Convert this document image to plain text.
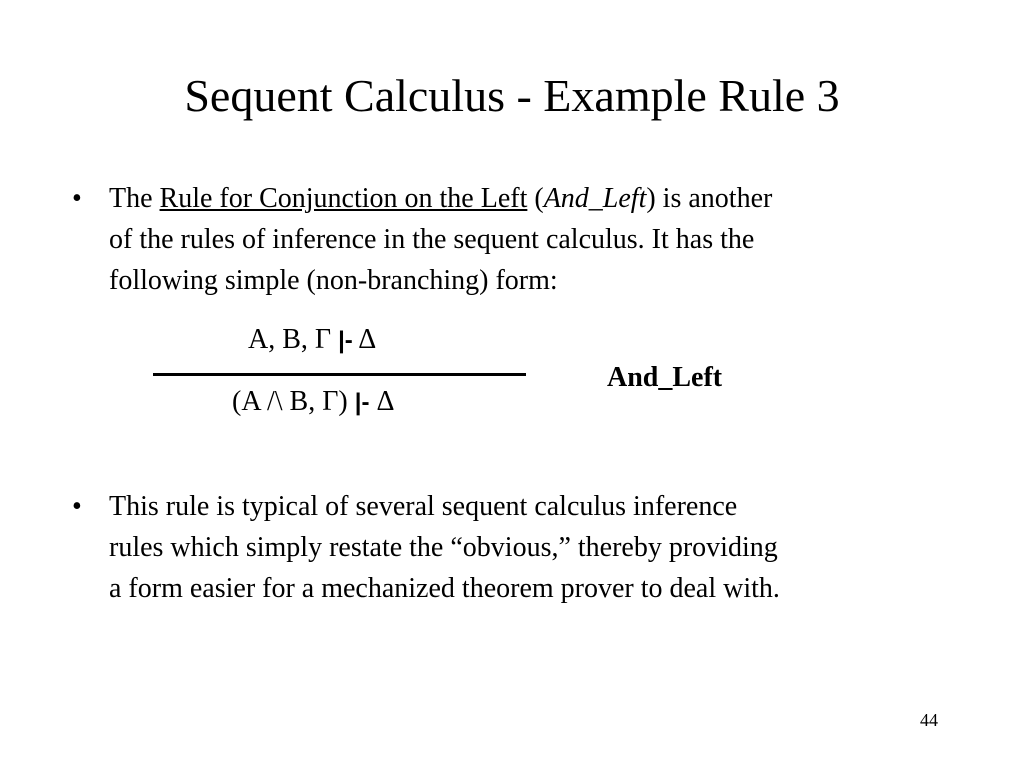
Sequent Calculus - Example Rule 3
• The Rule for Conjunction on the Left (And_Left) is another
of the rules of inference in the sequent calculus. It has the
following simple (non-branching) form:
A, B, Γ |- Δ
(A /\ B, Γ) |- Δ
And_Left
• This rule is typical of several sequent calculus inference
rules which simply restate the “obvious,” thereby providing
a form easier for a mechanized theorem prover to deal with.
44
